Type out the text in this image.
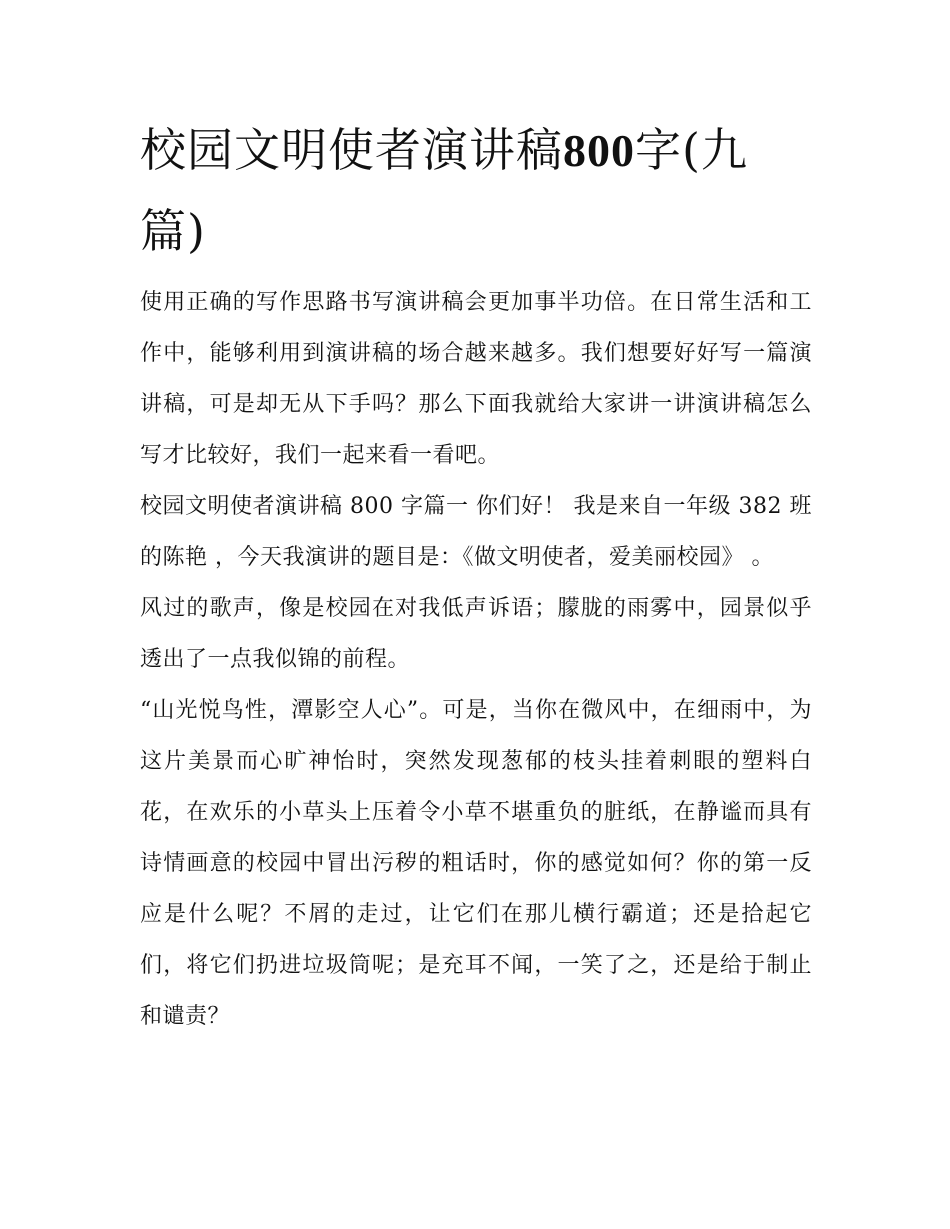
校园文明使者演讲稿800字(九篇)

使用正确的写作思路书写演讲稿会更加事半功倍。在日常生活和工作中，能够利用到演讲稿的场合越来越多。我们想要好好写一篇演讲稿，可是却无从下手吗？那么下面我就给大家讲一讲演讲稿怎么写才比较好，我们一起来看一看吧。

校园文明使者演讲稿 800 字篇一 你们好！ 我是来自一年级 382 班的陈艳 ，今天我演讲的题目是：《做文明使者，爱美丽校园》 。

风过的歌声，像是校园在对我低声诉语；朦胧的雨雾中，园景似乎透出了一点我似锦的前程。

“山光悦鸟性，潭影空人心”。可是，当你在微风中，在细雨中，为这片美景而心旷神怡时，突然发现葱郁的枝头挂着刺眼的塑料白花，在欢乐的小草头上压着令小草不堪重负的脏纸，在静谧而具有诗情画意的校园中冒出污秽的粗话时，你的感觉如何？你的第一反应是什么呢？不屑的走过，让它们在那儿横行霸道；还是拾起它们，将它们扔进垃圾筒呢；是充耳不闻，一笑了之，还是给于制止和谴责？
